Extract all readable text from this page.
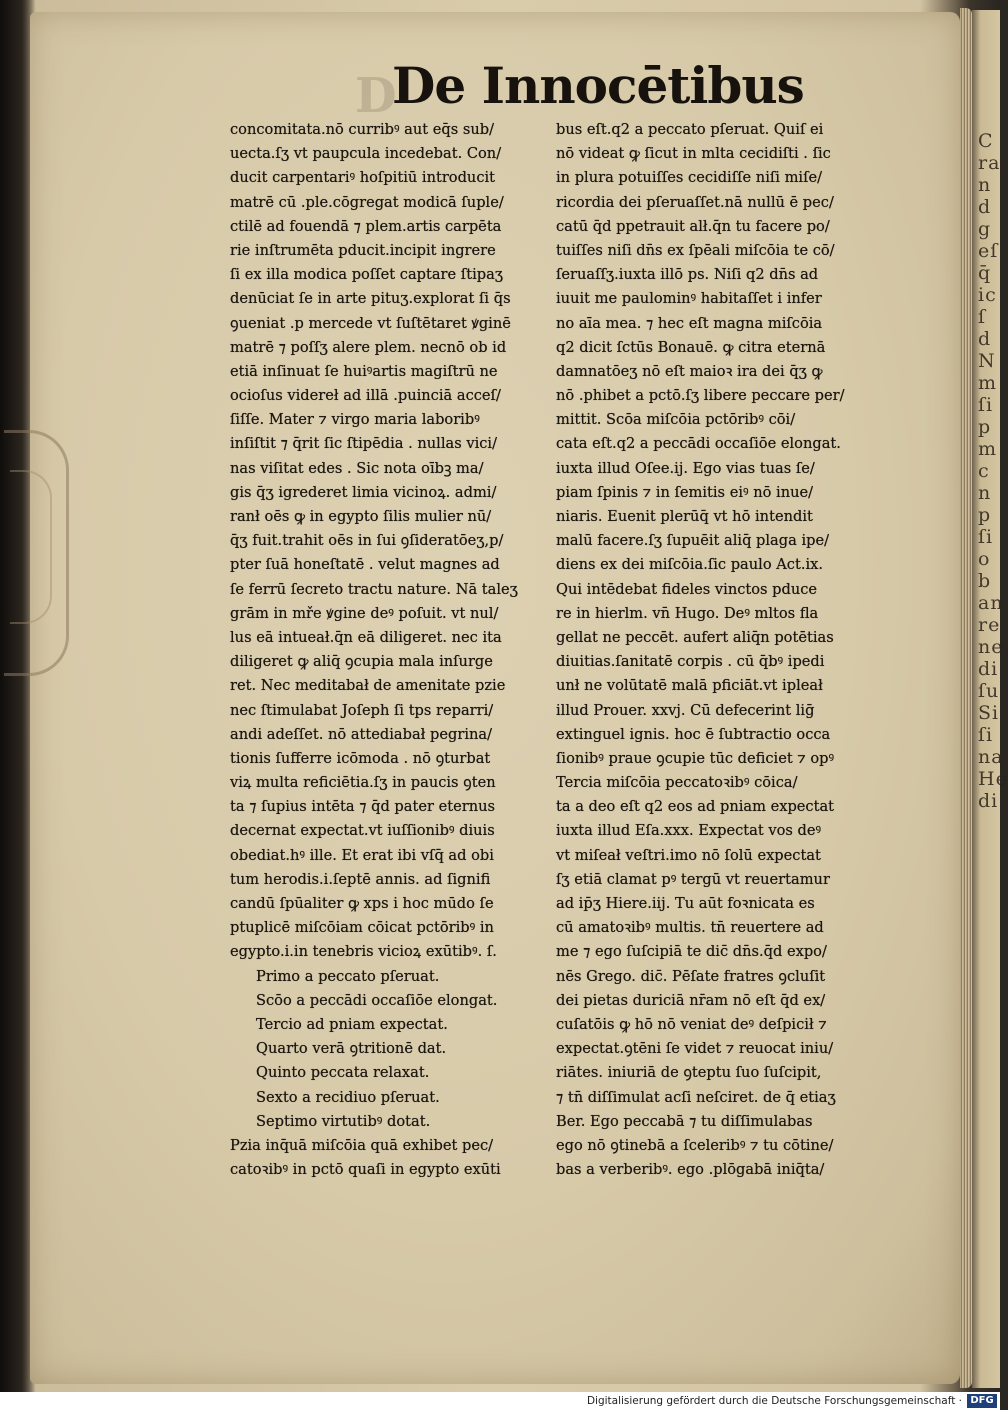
C
ra
n
d
g
eſ
q̄
ic
ſ
d
N
m
ſi
p
m
c
n
p
ſi
o
b
an
re
ne
di
ſu
Si
ſi
na
He
di
D
De Innocētibus
concomitata.nō curribꝰ aut eq̄s sub/
uecta.ſʒ vt paupcula incedebat. Con/
ducit carpentariꝰ hoſpitiū introducit
matrē cū .ple.cōgregat modicā ſuple/
ctilē ad fouendā ⁊ plem.artis carpēta
rie inſtrumēta pducit.incipit ingrere
ſi ex illa modica poſſet captare ſtipaʒ
denūciat ſe in arte pituʒ.explorat ſi q̄s
ꝯueniat .p mercede vt ſuſtētaret ꝟginē
matrē ⁊ poſſʒ alere plem. necnō ob id
etiā inſinuat ſe huiꝰartis magiſtrū ne
ocioſus videreł ad illā .puinciā acceſ/
ſiſſe. Mater ⁊ virgo maria laboribꝰ
inſiſtit ⁊ q̄rit ſic ſtipēdia . nullas vici/
nas viſitat edes . Sic nota oībꝫ ma/
gis q̄ʒ igrederet limia vicinoꝝ. admi/
ranł oēs ꝙ in egypto ſilis mulier nū/
q̄ʒ fuit.trahit oēs in ſui ꝯſideratōeʒ,p/
pter ſuā honeſtatē . velut magnes ad
ſe ferrū ſecreto tractu nature. Nā taleʒ
grām in mře ꝟgine deꝰ poſuit. vt nul/
lus eā intueał.q̄n eā diligeret. nec ita
diligeret ꝙ aliq̄ ꝯcupia mala inſurge
ret. Nec meditabał de amenitate pzie
nec ſtimulabat Joſeph ſi tps reparri/
andi adeſſet. nō attediabał pegrina/
tionis ſufferre icōmoda . nō ꝯturbat
viꝝ multa reficiētia.ſʒ in paucis ꝯten
ta ⁊ ſupius intēta ⁊ q̄d pater eternus
decernat expectat.vt iuſſionibꝰ diuis
obediat.hꝰ ille. Et erat ibi vſq̄ ad obi
tum herodis.i.ſeptē annis. ad ſignifi
candū ſpūaliter ꝙ xps i hoc mūdo ſe
ptuplicē miſcōiam cōicat pctōribꝰ in
egypto.i.in tenebris vicioꝝ exūtibꝰ. ſ.
Primo a peccato pſeruat.
Scōo a peccādi occaſiōe elongat.
Tercio ad pniam expectat.
Quarto verā ꝯtritionē dat.
Quinto peccata relaxat.
Sexto a recidiuo pſeruat.
Septimo virtutibꝰ dotat.
Pzia inq̄uā miſcōia quā exhibet pec/
catoꝛibꝰ in pctō quaſi in egypto exūti
bus eſt.q2 a peccato pſeruat. Quiſ ei
nō videat ꝙ ſicut in mlta cecidiſti . ſic
in plura potuiſſes cecidiſſe niſi miſe/
ricordia dei pſeruaſſet.nā nullū ē pec/
catū q̄d ppetrauit alł.q̄n tu facere po/
tuiſſes niſi dn̄s ex ſpēali miſcōia te cō/
ſeruaſſʒ.iuxta illō ps. Niſi q2 dn̄s ad
iuuit me paulominꝰ habitaſſet i infer
no aīa mea. ⁊ hec eſt magna miſcōia
q2 dicit ſctūs Bonauē. ꝙ citra eternā
damnatōeʒ nō eſt maioꝛ ira dei q̄ʒ ꝙ
nō .phibet a pctō.ſʒ libere peccare per/
mittit. Scōa miſcōia pctōribꝰ cōi/
cata eſt.q2 a peccādi occaſiōe elongat.
iuxta illud Oſee.ij. Ego vias tuas ſe/
piam ſpinis ⁊ in ſemitis eiꝰ nō inue/
niaris. Euenit plerūq̄ vt hō intendit
malū facere.ſʒ ſupuēit aliq̄ plaga ipe/
diens ex dei miſcōia.ſic paulo Act.ix.
Qui intēdebat fideles vinctos pduce
re in hierlm. vn̄ Hugo. Deꝰ mltos fla
gellat ne peccēt. aufert aliq̄n potētias
diuitias.ſanitatē corpis . cū q̄bꝰ ipedi
unł ne volūtatē malā pficiāt.vt ipleał
illud Prouer. xxvj. Cū defecerint liḡ
extinguel ignis. hoc ē ſubtractio occa
ſionibꝰ praue ꝯcupie tūc deficiet ⁊ opꝰ
Tercia miſcōia peccatoꝛibꝰ cōica/
ta a deo eſt q2 eos ad pniam expectat
iuxta illud Eſa.xxx. Expectat vos deꝰ
vt miſeał veſtri.imo nō ſolū expectat
ſʒ etiā clamat pꝰ tergū vt reuertamur
ad ip̄ʒ Hiere.iij. Tu aūt foꝛnicata es
cū amatoꝛibꝰ multis. tn̄ reuertere ad
me ⁊ ego ſuſcipiā te dic̄ dn̄s.q̄d expo/
nēs Grego. dic̄. Pēſate fratres ꝯcluſit
dei pietas duriciā nr̄am nō eſt q̄d ex/
cuſatōis ꝙ hō nō veniat deꝰ deſpicił ⁊
expectat.ꝯtēni ſe videt ⁊ reuocat iniu/
riātes. iniuriā de ꝯteptu ſuo ſuſcipit,
⁊ tn̄ diſſimulat acſi neſciret. de q̄ etiaʒ
Ber. Ego peccabā ⁊ tu diſſimulabas
ego nō ꝯtinebā a ſceleribꝰ ⁊ tu cōtine/
bas a verberibꝰ. ego .plōgabā iniq̄ta/
Digitalisierung gefördert durch die Deutsche Forschungsgemeinschaft · DFG
